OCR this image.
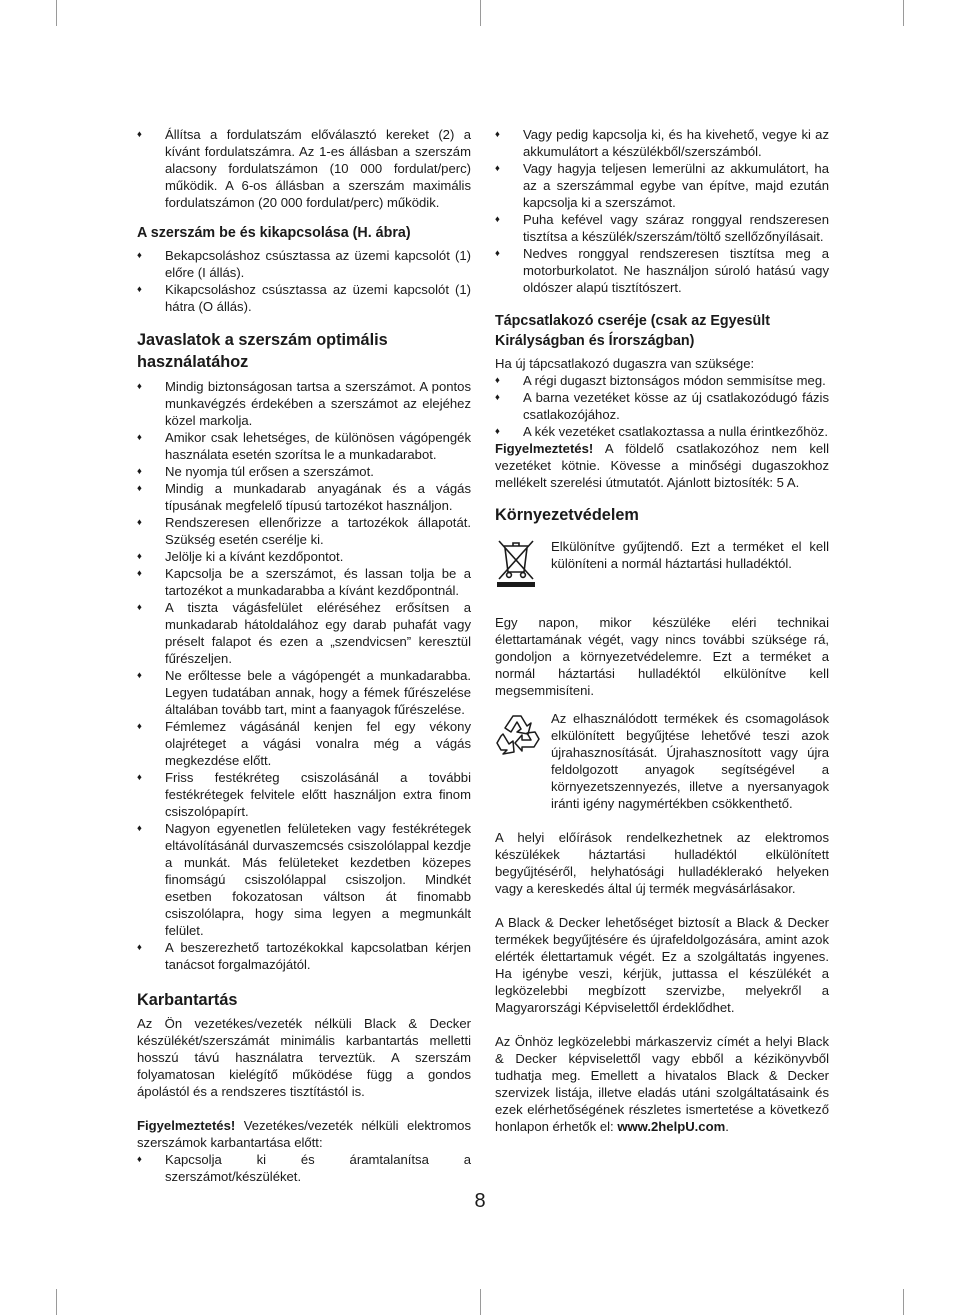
♦ Állítsa a fordulatszám előválasztó kereket (2) a kívánt fordulatszámra. Az 1-es állásban a szerszám alacsony fordulatszámon (10 000 fordulat/perc) működik. A 6-os állásban a szerszám maximális fordulatszámon (20 000 fordulat/perc) működik.

A szerszám be és kikapcsolása (H. ábra)

♦ Bekapcsoláshoz csúsztassa az üzemi kapcsolót (1) előre (I állás).

♦ Kikapcsoláshoz csúsztassa az üzemi kapcsolót (1) hátra (O állás).

Javaslatok a szerszám optimális használatához

♦ Mindig biztonságosan tartsa a szerszámot. A pontos munkavégzés érdekében a szerszámot az elejéhez közel markolja.

♦ Amikor csak lehetséges, de különösen vágópengék használata esetén szorítsa le a munkadarabot.

♦ Ne nyomja túl erősen a szerszámot.

♦ Mindig a munkadarab anyagának és a vágás típusának megfelelő típusú tartozékot használjon.

♦ Rendszeresen ellenőrizze a tartozékok állapotát. Szükség esetén cserélje ki.

♦ Jelölje ki a kívánt kezdőpontot.

♦ Kapcsolja be a szerszámot, és lassan tolja be a tartozékot a munkadarabba a kívánt kezdőpontnál.

♦ A tiszta vágásfelület eléréséhez erősítsen a munkadarab hátoldalához egy darab puhafát vagy préselt falapot és ezen a „szendvicsen” keresztül fűrészeljen.

♦ Ne erőltesse bele a vágópengét a munkadarabba. Legyen tudatában annak, hogy a fémek fűrészelése általában tovább tart, mint a faanyagok fűrészelése.

♦ Fémlemez vágásánál kenjen fel egy vékony olajréteget a vágási vonalra még a vágás megkezdése előtt.

♦ Friss festékréteg csiszolásánál a további festékrétegek felvitele előtt használjon extra finom csiszolópapírt.

♦ Nagyon egyenetlen felületeken vagy festékrétegek eltávolításánál durvaszemcsés csiszolólappal kezdje a munkát. Más felületeket kezdetben közepes finomságú csiszolólappal csiszoljon. Mindkét esetben fokozatosan váltson át finomabb csiszolólapra, hogy sima legyen a megmunkált felület.

♦ A beszerezhető tartozékokkal kapcsolatban kérjen tanácsot forgalmazójától.

Karbantartás

Az Ön vezetékes/vezeték nélküli Black & Decker készülékét/szerszámát minimális karbantartás melletti hosszú távú használatra terveztük. A szerszám folyamatosan kielégítő működése függ a gondos ápolástól és a rendszeres tisztítástól is.

Figyelmeztetés! Vezetékes/vezeték nélküli elektromos szerszámok karbantartása előtt:

♦ Kapcsolja ki és áramtalanítsa a szerszámot/készüléket.

♦ Vagy pedig kapcsolja ki, és ha kivehető, vegye ki az akkumulátort a készülékből/szerszámból.

♦ Vagy hagyja teljesen lemerülni az akkumulátort, ha az a szerszámmal egybe van építve, majd ezután kapcsolja ki a szerszámot.

♦ Puha kefével vagy száraz ronggyal rendszeresen tisztítsa a készülék/szerszám/töltő szellőzőnyílásait.

♦ Nedves ronggyal rendszeresen tisztítsa meg a motorburkolatot. Ne használjon súroló hatású vagy oldószer alapú tisztítószert.

Tápcsatlakozó cseréje (csak az Egyesült Királyságban és Írországban)

Ha új tápcsatlakozó dugaszra van szüksége:

♦ A régi dugaszt biztonságos módon semmisítse meg.

♦ A barna vezetéket kösse az új csatlakozódugó fázis csatlakozójához.

♦ A kék vezetéket csatlakoztassa a nulla érintkezőhöz.

Figyelmeztetés! A földelő csatlakozóhoz nem kell vezetéket kötnie. Kövesse a minőségi dugaszokhoz mellékelt szerelési útmutatót. Ajánlott biztosíték: 5 A.

Környezetvédelem

Elkülönítve gyűjtendő. Ezt a terméket el kell különíteni a normál háztartási hulladéktól.

Egy napon, mikor készüléke eléri technikai élettartamának végét, vagy nincs további szüksége rá, gondoljon a környezetvédelemre. Ezt a terméket a normál háztartási hulladéktól elkülönítve kell megsemmisíteni.

Az elhasználódott termékek és csomagolások elkülönített begyűjtése lehetővé teszi azok újrahasznosítását. Újrahasznosított vagy újra feldolgozott anyagok segítségével a környezetszennyezés, illetve a nyersanyagok iránti igény nagymértékben csökkenthető.

A helyi előírások rendelkezhetnek az elektromos készülékek háztartási hulladéktól elkülönített begyűjtéséről, helyhatósági hulladéklerakó helyeken vagy a kereskedés által új termék megvásárlásakor.

A Black & Decker lehetőséget biztosít a Black & Decker termékek begyűjtésére és újrafeldolgozására, amint azok elérték élettartamuk végét. Ez a szolgáltatás ingyenes. Ha igénybe veszi, kérjük, juttassa el készülékét a legközelebbi megbízott szervizbe, melyekről a Magyarországi Képviselettől érdeklődhet.

Az Önhöz legközelebbi márkaszerviz címét a helyi Black & Decker képviselettől vagy ebből a kézikönyvből tudhatja meg. Emellett a hivatalos Black & Decker szervizek listája, illetve eladás utáni szolgáltatásaink és ezek elérhetőségének részletes ismertetése a következő honlapon érhetők el: www.2helpU.com.

8
